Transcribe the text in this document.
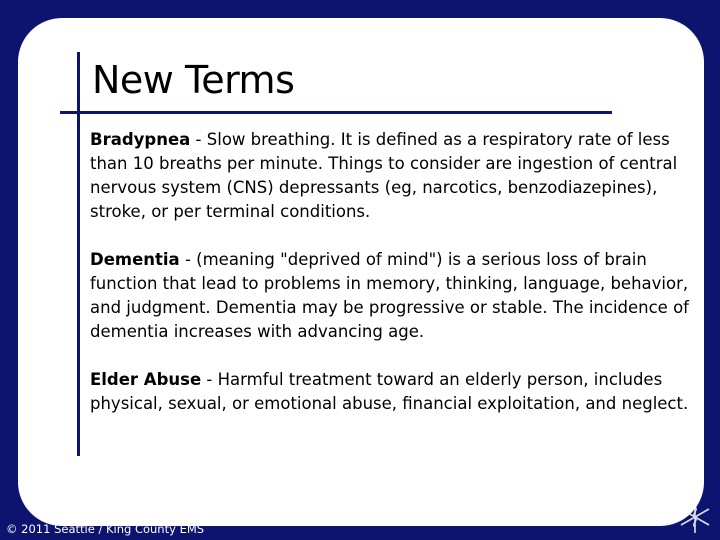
New Terms

Bradypnea - Slow breathing. It is defined as a respiratory rate of less than 10 breaths per minute. Things to consider are ingestion of central nervous system (CNS) depressants (eg, narcotics, benzodiazepines), stroke, or per terminal conditions.

Dementia - (meaning "deprived of mind") is a serious loss of brain function that lead to problems in memory, thinking, language, behavior, and judgment. Dementia may be progressive or stable. The incidence of dementia increases with advancing age.

Elder Abuse - Harmful treatment toward an elderly person, includes physical, sexual, or emotional abuse, financial exploitation, and neglect.

© 2011 Seattle / King County EMS
